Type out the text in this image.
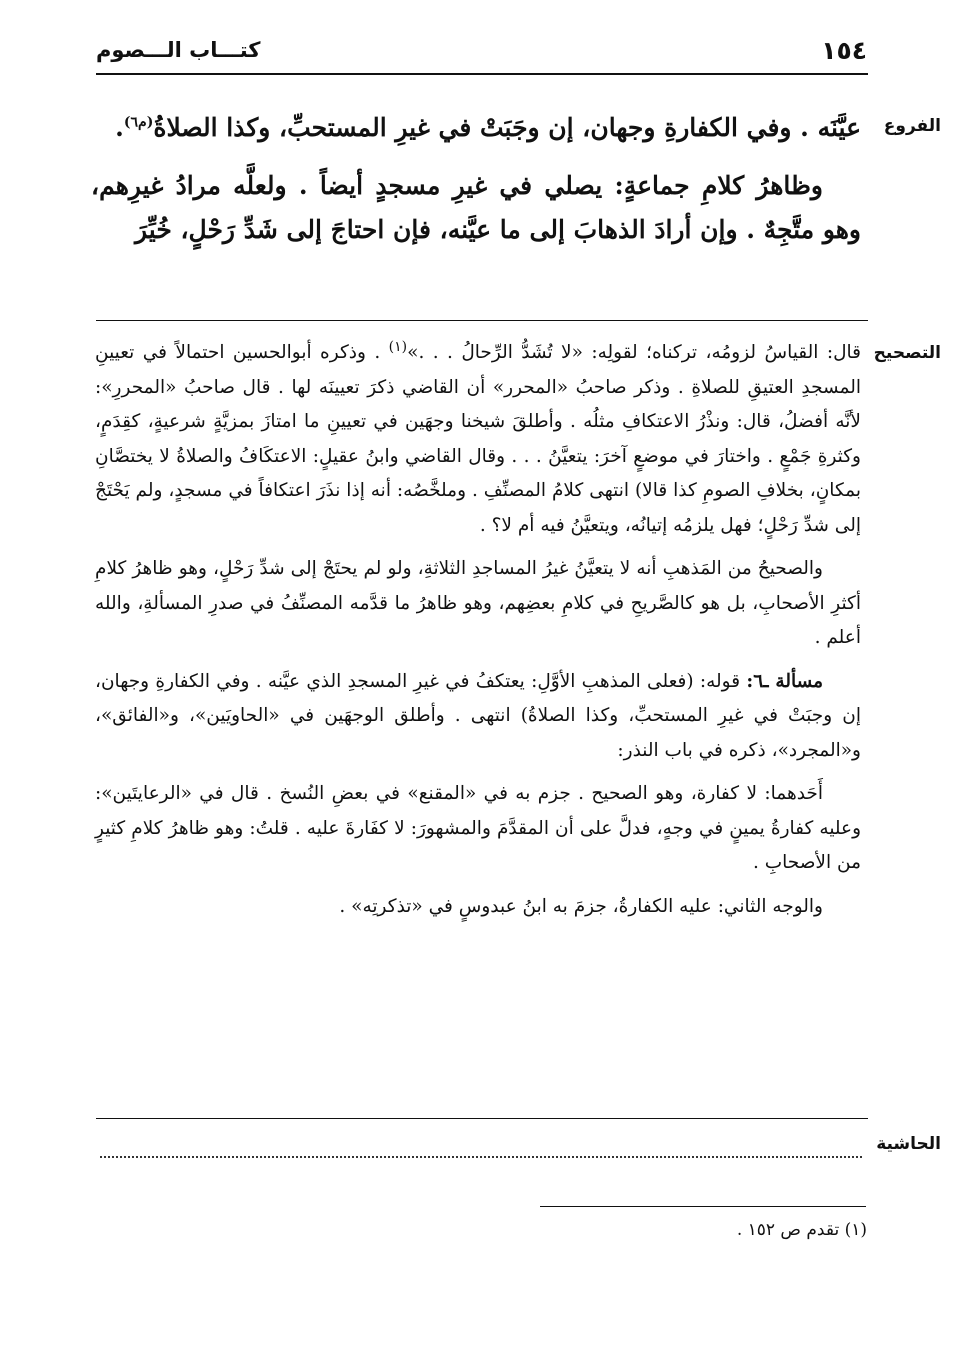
١٥٤
كتـــاب الـــصوم
الفروع
التصحيح
الحاشية

عيَّنَه . وفي الكفارةِ وجهان، إن وجَبَتْ في غيرِ المستحبِّ، وكذا الصلاةُ$^{(م٦)}$.

وظاهرُ كلامِ جماعةٍ: يصلي في غيرِ مسجدٍ أيضاً . ولعلَّه مرادُ غيرِهم، وهو متَّجِهٌ . وإن أرادَ الذهابَ إلى ما عيَّنه، فإن احتاجَ إلى شَدِّ رَحْلٍ، خُيِّرَ

قال: القياسُ لزومُه، تركناه؛ لقولِه: «لا تُشَدُّ الرِّحالُ . . .»$^{(١)}$ . وذكره أبوالحسين احتمالاً في تعيينِ المسجدِ العتيقِ للصلاةِ . وذكر صاحبُ «المحرر» أن القاضي ذكرَ تعيينَه لها . قال صاحبُ «المحررِ»: لأنَّه أفضلُ، قال: ونذْرُ الاعتكافِ مثلُه . وأطلقَ شيخنا وجهَين في تعيينِ ما امتازَ بمزيَّةٍ شرعيةٍ، كقِدَمٍ، وكثرةِ جَمْعٍ . واختارَ في موضعٍ آخرَ: يتعيَّنُ . . . وقال القاضي وابنُ عقيلٍ: الاعتكَافُ والصلاةُ لا يختصَّانِ بمكانٍ، بخلافِ الصومِ كذا قالا) انتهى كلامُ المصنِّفِ . وملخَّصُه: أنه إذا نذَرَ اعتكافاً في مسجدٍ، ولم يَحْتَجْ إلى شدِّ رَحْلٍ؛ فهل يلزمُه إتيانُه، ويتعيَّنُ فيه أم لا؟ .

والصحيحُ من المَذهبِ أنه لا يتعيَّنُ غيرُ المساجدِ الثلاثةِ، ولو لم يحتَجْ إلى شدِّ رَحْلٍ، وهو ظاهرُ كلامِ أكثرِ الأصحابِ، بل هو كالصَّريحِ في كلامِ بعضِهم، وهو ظاهرُ ما قدَّمه المصنِّفُ في صدرِ المسألةِ، والله أعلم .

مسألة ـ٦: قوله: (فعلى المذهبِ الأوَّلِ: يعتكفُ في غيرِ المسجدِ الذي عيَّنه . وفي الكفارةِ وجهان، إن وجبَتْ في غيرِ المستحبِّ، وكذا الصلاةُ) انتهى . وأطلق الوجهَين في «الحاويَين»، و«الفائق»، و«المجرد»، ذكره في باب النذر:

أَحَدهما: لا كفارة، وهو الصحيح . جزم به في «المقنع» في بعضِ النُسخ . قال في «الرعايتَين»: وعليه كفارةُ يمينٍ في وجهٍ، فدلَّ على أن المقدَّمَ والمشهورَ: لا كفَارةَ عليه . قلتُ: وهو ظاهرُ كلامِ كثيرٍ من الأصحابِ .

والوجه الثاني: عليه الكفارةُ، جزمَ به ابنُ عبدوسٍ في «تذكرتِه» .

(١) تقدم ص ١٥٢ .
